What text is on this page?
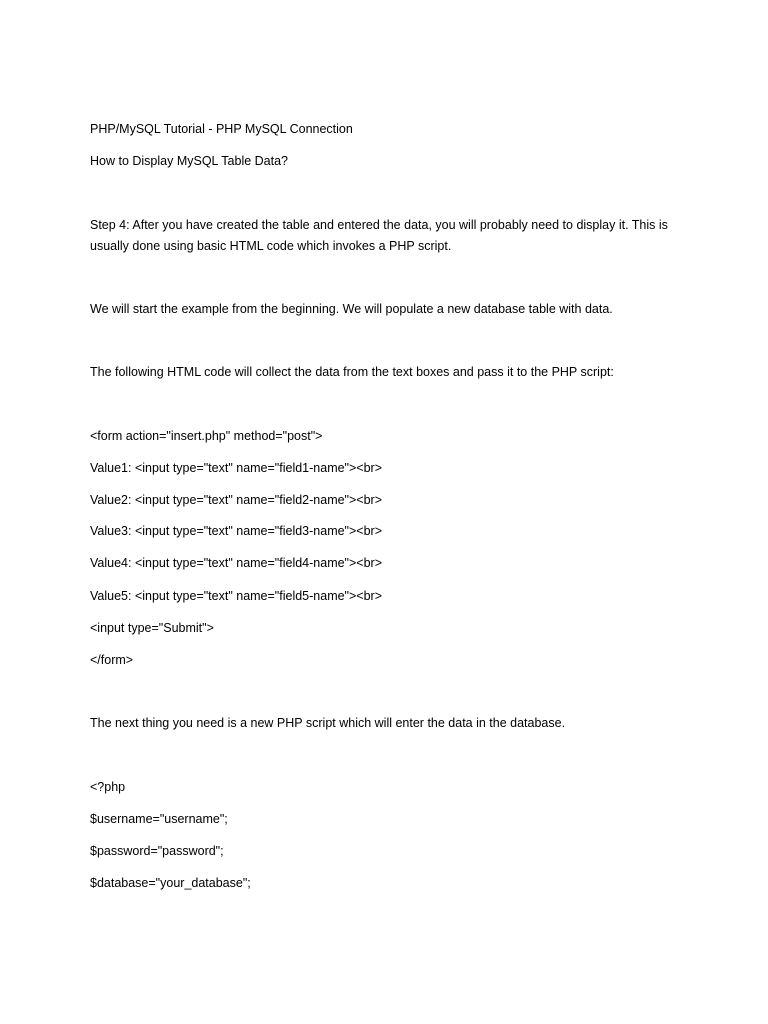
PHP/MySQL Tutorial - PHP MySQL Connection
How to Display MySQL Table Data?
Step 4: After you have created the table and entered the data, you will probably need to display it. This is usually done using basic HTML code which invokes a PHP script.
We will start the example from the beginning. We will populate a new database table with data.
The following HTML code will collect the data from the text boxes and pass it to the PHP script:
<form action="insert.php" method="post">
Value1: <input type="text" name="field1-name"><br>
Value2: <input type="text" name="field2-name"><br>
Value3: <input type="text" name="field3-name"><br>
Value4: <input type="text" name="field4-name"><br>
Value5: <input type="text" name="field5-name"><br>
<input type="Submit">
</form>
The next thing you need is a new PHP script which will enter the data in the database.
<?php
$username="username";
$password="password";
$database="your_database";
